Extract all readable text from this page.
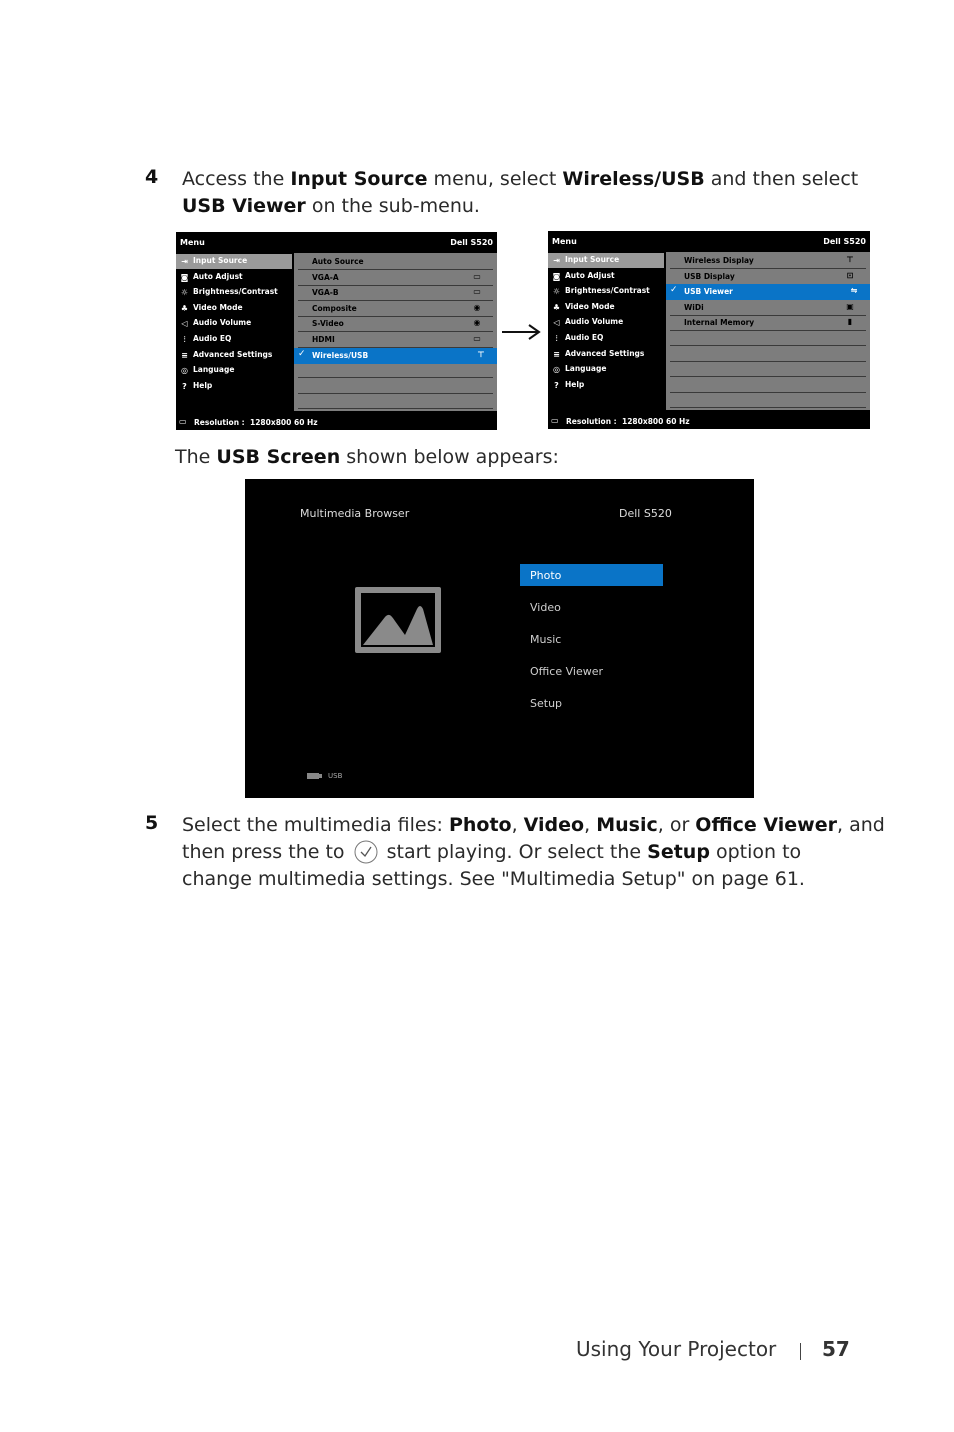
4 Access the Input Source menu, select Wireless/USB and then select
USB Viewer on the sub-menu.
Menu	Dell S520
⇥ Input Source
◙ Auto Adjust
☼ Brightness/Contrast
♣ Video Mode
◁ Audio Volume
⫶	Audio EQ
≡ Advanced Settings
◎ Language
? Help
Auto Source
VGA-A	▭
VGA-B	▭
Composite	◉
S-Video	◉
HDMI	▭
✓ Wireless/USB	⊤
▭ Resolution : 1280x800 60 Hz
Menu	Dell S520
⇥ Input Source
◙ Auto Adjust
☼ Brightness/Contrast
♣ Video Mode
◁ Audio Volume
⫶	Audio EQ
≡ Advanced Settings
◎ Language
? Help
Wireless Display	⊤
USB Display	⊡
✓ USB Viewer	⇋
WiDi	▣
Internal Memory	▮
▭ Resolution : 1280x800 60 Hz
The USB Screen shown below appears:
Multimedia Browser	Dell S520
Photo
Video
Music
Office Viewer
Setup
USB
5 Select the multimedia files: Photo, Video, Music, or Office Viewer, and
then press the to  start playing. Or select the Setup option to
change multimedia settings. See "Multimedia Setup" on page 61.
Using Your Projector 57
